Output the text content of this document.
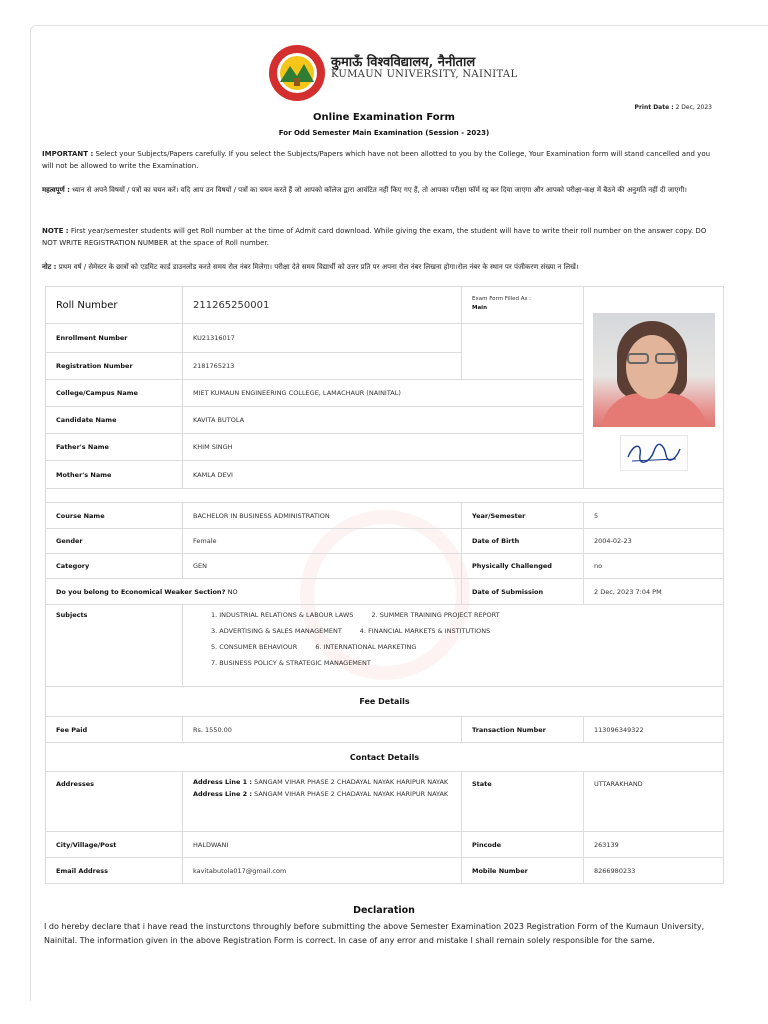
कुमाऊँ विश्वविद्यालय, नैनीताल
KUMAUN UNIVERSITY, NAINITAL
Print Date : 2 Dec, 2023
Online Examination Form
For Odd Semester Main Examination (Session - 2023)
IMPORTANT : Select your Subjects/Papers carefully. If you select the Subjects/Papers which have not been allotted to you by the College, Your Examination form will stand cancelled and you will not be allowed to write the Examination.
महत्वपूर्ण : ध्यान से अपने विषयों / पत्रों का चयन करें। यदि आप उन विषयों / पत्रों का चयन करते हैं जो आपको कॉलेज द्वारा आवंटित नहीं किए गए हैं, तो आपका परीक्षा फॉर्म रद्द कर दिया जाएगा और आपको परीक्षा-कक्ष में बैठने की अनुमति नहीं दी जाएगी।
NOTE : First year/semester students will get Roll number at the time of Admit card download. While giving the exam, the student will have to write their roll number on the answer copy. DO NOT WRITE REGISTRATION NUMBER at the space of Roll number.
नोट : प्रथम वर्ष / सेमेस्टर के छात्रों को एडमिट कार्ड डाउनलोड करते समय रोल नंबर मिलेगा। परीक्षा देते समय विद्यार्थी को उत्तर प्रति पर अपना रोल नंबर लिखना होगा।रोल नंबर के स्थान पर पंजीकरण संख्या न लिखें।
Roll Number	211265250001	Exam Form Filled As :
Main	

Enrollment Number	KU21316017		
Registration Number	2181765213		
College/Campus Name	MIET KUMAUN ENGINEERING COLLEGE, LAMACHAUR (NAINITAL)		
Candidate Name	KAVITA BUTOLA		
Father's Name	KHIM SINGH		
Mother's Name	KAMLA DEVI		

Course Name	BACHELOR IN BUSINESS ADMINISTRATION	Year/Semester	5
Gender	Female	Date of Birth	2004-02-23
Category	GEN	Physically Challenged	no
Do you belong to Economical Weaker Section? NO		Date of Submission	2 Dec, 2023 7:04 PM
Subjects	1. INDUSTRIAL RELATIONS & LABOUR LAWS 2. SUMMER TRAINING PROJECT REPORT
3. ADVERTISING & SALES MANAGEMENT 4. FINANCIAL MARKETS & INSTITUTIONS
5. CONSUMER BEHAVIOUR 6. INTERNATIONAL MARKETING
7. BUSINESS POLICY & STRATEGIC MANAGEMENT		

Fee Details			
Fee Paid	Rs. 1550.00	Transaction Number	113096349322
Contact Details			
Addresses	Address Line 1 : SANGAM VIHAR PHASE 2 CHADAYAL NAYAK HARIPUR NAYAK
Address Line 2 : SANGAM VIHAR PHASE 2 CHADAYAL NAYAK HARIPUR NAYAK	State	UTTARAKHAND
City/Village/Post	HALDWANI	Pincode	263139
Email Address	kavitabutola017@gmail.com	Mobile Number	8266980233
Declaration
I do hereby declare that i have read the insturctons throughly before submitting the above Semester Examination 2023 Registration Form of the Kumaun University, Nainital. The information given in the above Registration Form is correct. In case of any error and mistake I shall remain solely responsible for the same.
